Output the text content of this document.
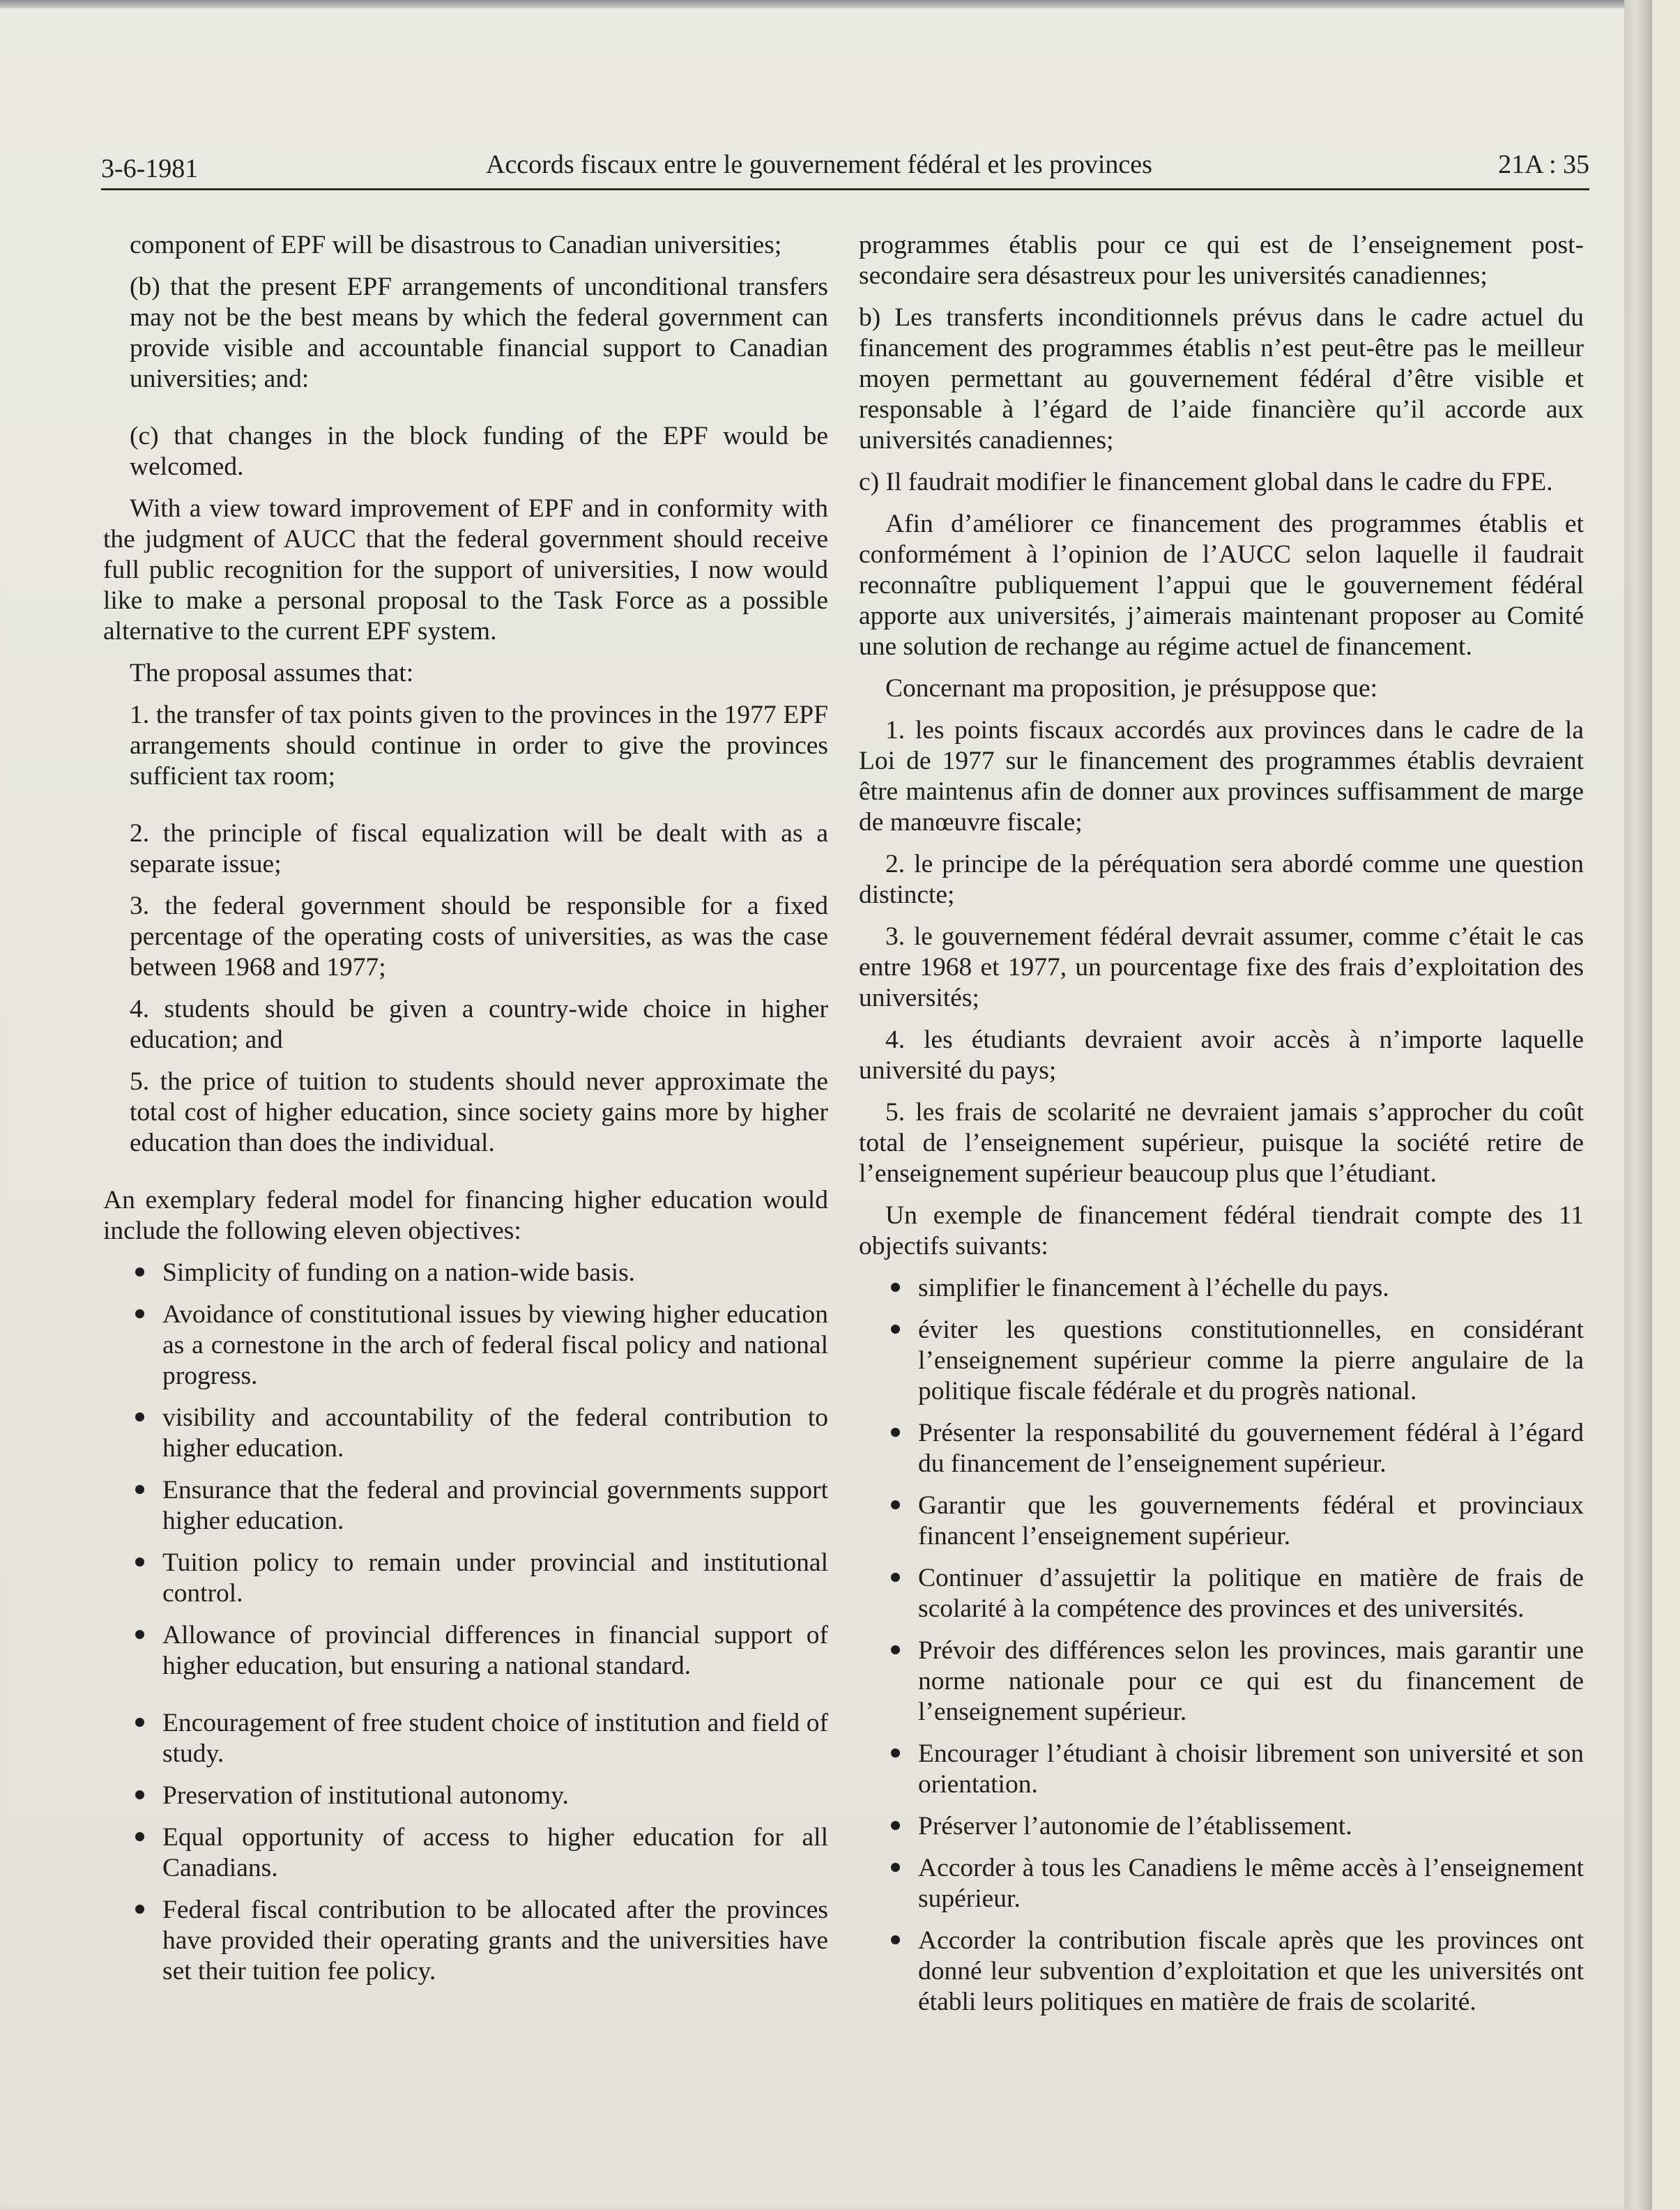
3-6-1981	Accords fiscaux entre le gouvernement fédéral et les provinces	21A : 35

component of EPF will be disastrous to Canadian universities;

(b) that the present EPF arrangements of unconditional transfers may not be the best means by which the federal government can provide visible and accountable financial support to Canadian universities; and:

(c) that changes in the block funding of the EPF would be welcomed.

With a view toward improvement of EPF and in conformity with the judgment of AUCC that the federal government should receive full public recognition for the support of universities, I now would like to make a personal proposal to the Task Force as a possible alternative to the current EPF system.

The proposal assumes that:

1. the transfer of tax points given to the provinces in the 1977 EPF arrangements should continue in order to give the provinces sufficient tax room;

2. the principle of fiscal equalization will be dealt with as a separate issue;

3. the federal government should be responsible for a fixed percentage of the operating costs of universities, as was the case between 1968 and 1977;

4. students should be given a country-wide choice in higher education; and

5. the price of tuition to students should never approximate the total cost of higher education, since society gains more by higher education than does the individual.

An exemplary federal model for financing higher education would include the following eleven objectives:

Simplicity of funding on a nation-wide basis.
Avoidance of constitutional issues by viewing higher education as a cornestone in the arch of federal fiscal policy and national progress.
visibility and accountability of the federal contribution to higher education.
Ensurance that the federal and provincial governments support higher education.
Tuition policy to remain under provincial and institutional control.
Allowance of provincial differences in financial support of higher education, but ensuring a national standard.
Encouragement of free student choice of institution and field of study.
Preservation of institutional autonomy.
Equal opportunity of access to higher education for all Canadians.
Federal fiscal contribution to be allocated after the provinces have provided their operating grants and the universities have set their tuition fee policy.

programmes établis pour ce qui est de l’enseignement post-secondaire sera désastreux pour les universités canadiennes;

b) Les transferts inconditionnels prévus dans le cadre actuel du financement des programmes établis n’est peut-être pas le meilleur moyen permettant au gouvernement fédéral d’être visible et responsable à l’égard de l’aide financière qu’il accorde aux universités canadiennes;

c) Il faudrait modifier le financement global dans le cadre du FPE.

Afin d’améliorer ce financement des programmes établis et conformément à l’opinion de l’AUCC selon laquelle il faudrait reconnaître publiquement l’appui que le gouvernement fédéral apporte aux universités, j’aimerais maintenant proposer au Comité une solution de rechange au régime actuel de financement.

Concernant ma proposition, je présuppose que:

1. les points fiscaux accordés aux provinces dans le cadre de la Loi de 1977 sur le financement des programmes établis devraient être maintenus afin de donner aux provinces suffisamment de marge de manœuvre fiscale;

2. le principe de la péréquation sera abordé comme une question distincte;

3. le gouvernement fédéral devrait assumer, comme c’était le cas entre 1968 et 1977, un pourcentage fixe des frais d’exploitation des universités;

4. les étudiants devraient avoir accès à n’importe laquelle université du pays;

5. les frais de scolarité ne devraient jamais s’approcher du coût total de l’enseignement supérieur, puisque la société retire de l’enseignement supérieur beaucoup plus que l’étudiant.

Un exemple de financement fédéral tiendrait compte des 11 objectifs suivants:

simplifier le financement à l’échelle du pays.
éviter les questions constitutionnelles, en considérant l’enseignement supérieur comme la pierre angulaire de la politique fiscale fédérale et du progrès national.
Présenter la responsabilité du gouvernement fédéral à l’égard du financement de l’enseignement supérieur.
Garantir que les gouvernements fédéral et provinciaux financent l’enseignement supérieur.
Continuer d’assujettir la politique en matière de frais de scolarité à la compétence des provinces et des universités.
Prévoir des différences selon les provinces, mais garantir une norme nationale pour ce qui est du financement de l’enseignement supérieur.
Encourager l’étudiant à choisir librement son université et son orientation.
Préserver l’autonomie de l’établissement.
Accorder à tous les Canadiens le même accès à l’enseignement supérieur.
Accorder la contribution fiscale après que les provinces ont donné leur subvention d’exploitation et que les universités ont établi leurs politiques en matière de frais de scolarité.
